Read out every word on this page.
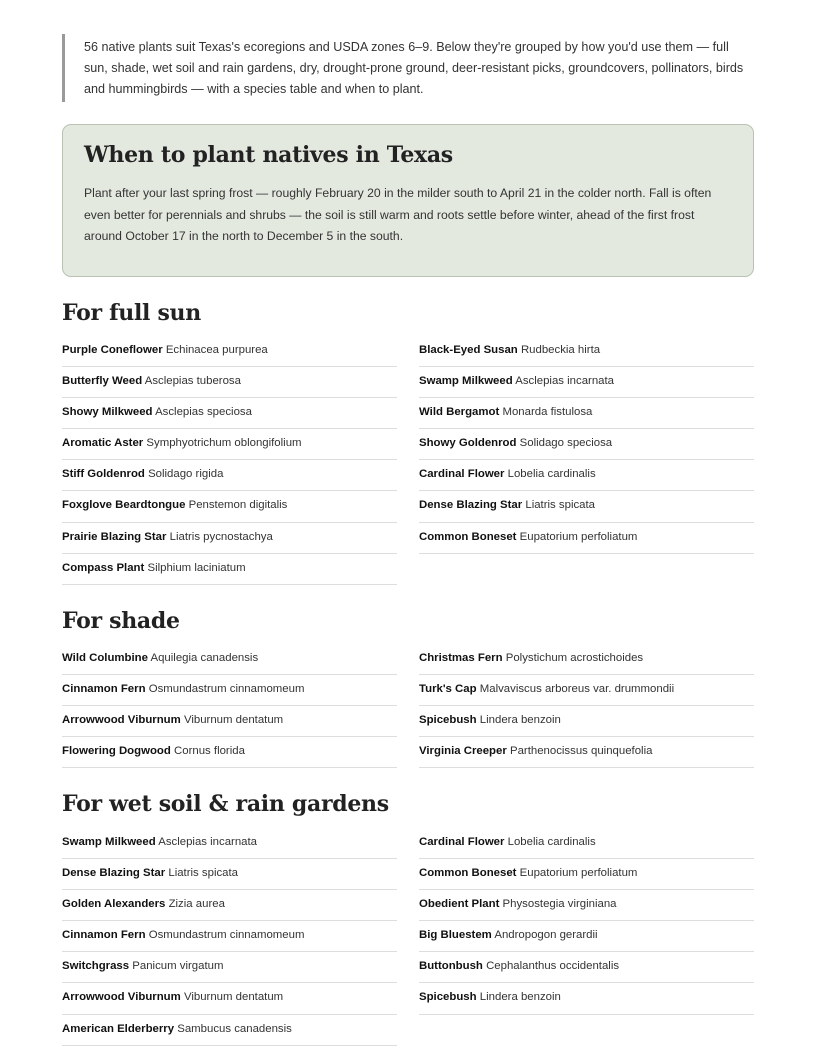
56 native plants suit Texas's ecoregions and USDA zones 6–9. Below they're grouped by how you'd use them — full sun, shade, wet soil and rain gardens, dry, drought-prone ground, deer-resistant picks, groundcovers, pollinators, birds and hummingbirds — with a species table and when to plant.
When to plant natives in Texas

Plant after your last spring frost — roughly February 20 in the milder south to April 21 in the colder north. Fall is often even better for perennials and shrubs — the soil is still warm and roots settle before winter, ahead of the first frost around October 17 in the north to December 5 in the south.

For full sun
Purple Coneflower Echinacea purpurea	Black-Eyed Susan Rudbeckia hirta
Butterfly Weed Asclepias tuberosa	Swamp Milkweed Asclepias incarnata
Showy Milkweed Asclepias speciosa	Wild Bergamot Monarda fistulosa
Aromatic Aster Symphyotrichum oblongifolium	Showy Goldenrod Solidago speciosa
Stiff Goldenrod Solidago rigida	Cardinal Flower Lobelia cardinalis
Foxglove Beardtongue Penstemon digitalis	Dense Blazing Star Liatris spicata
Prairie Blazing Star Liatris pycnostachya	Common Boneset Eupatorium perfoliatum
Compass Plant Silphium laciniatum
For shade
Wild Columbine Aquilegia canadensis	Christmas Fern Polystichum acrostichoides
Cinnamon Fern Osmundastrum cinnamomeum	Turk's Cap Malvaviscus arboreus var. drummondii
Arrowwood Viburnum Viburnum dentatum	Spicebush Lindera benzoin
Flowering Dogwood Cornus florida	Virginia Creeper Parthenocissus quinquefolia
For wet soil & rain gardens
Swamp Milkweed Asclepias incarnata	Cardinal Flower Lobelia cardinalis
Dense Blazing Star Liatris spicata	Common Boneset Eupatorium perfoliatum
Golden Alexanders Zizia aurea	Obedient Plant Physostegia virginiana
Cinnamon Fern Osmundastrum cinnamomeum	Big Bluestem Andropogon gerardii
Switchgrass Panicum virgatum	Buttonbush Cephalanthus occidentalis
Arrowwood Viburnum Viburnum dentatum	Spicebush Lindera benzoin
American Elderberry Sambucus canadensis
